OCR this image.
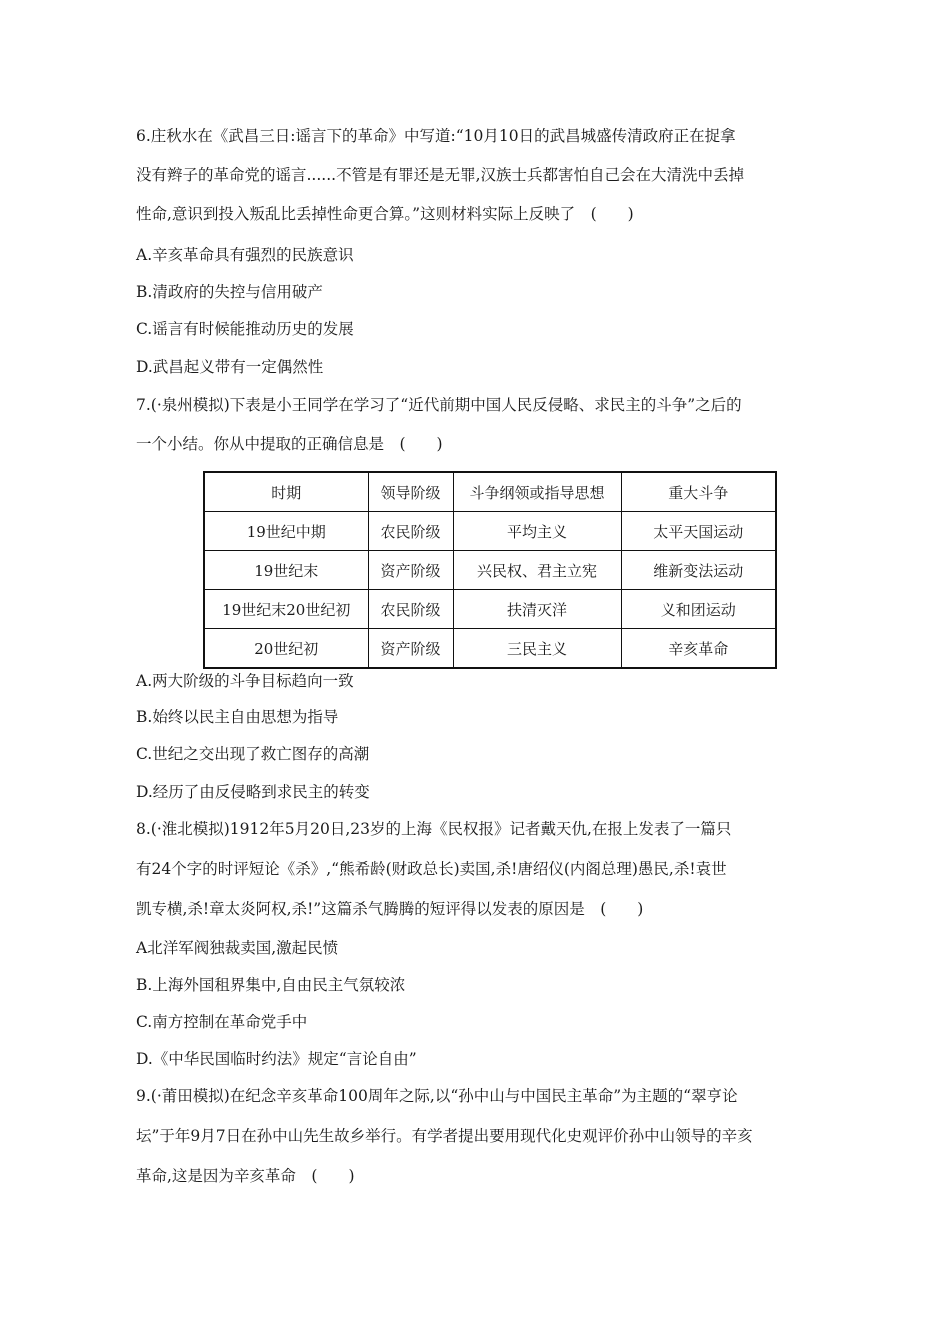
6.庄秋水在《武昌三日:谣言下的革命》中写道:“10月10日的武昌城盛传清政府正在捉拿
没有辫子的革命党的谣言......不管是有罪还是无罪,汉族士兵都害怕自己会在大清洗中丢掉
性命,意识到投入叛乱比丢掉性命更合算。”这则材料实际上反映了　(　　)
A.辛亥革命具有强烈的民族意识
B.清政府的失控与信用破产
C.谣言有时候能推动历史的发展
D.武昌起义带有一定偶然性
7.(·泉州模拟)下表是小王同学在学习了“近代前期中国人民反侵略、求民主的斗争”之后的
一个小结。你从中提取的正确信息是　(　　)
时期	领导阶级	斗争纲领或指导思想	重大斗争
19世纪中期	农民阶级	平均主义	太平天国运动
19世纪末	资产阶级	兴民权、君主立宪	维新变法运动
19世纪末20世纪初	农民阶级	扶清灭洋	义和团运动
20世纪初	资产阶级	三民主义	辛亥革命
A.两大阶级的斗争目标趋向一致
B.始终以民主自由思想为指导
C.世纪之交出现了救亡图存的高潮
D.经历了由反侵略到求民主的转变
8.(·淮北模拟)1912年5月20日,23岁的上海《民权报》记者戴天仇,在报上发表了一篇只
有24个字的时评短论《杀》,“熊希龄(财政总长)卖国,杀!唐绍仪(内阁总理)愚民,杀!袁世
凯专横,杀!章太炎阿权,杀!”这篇杀气腾腾的短评得以发表的原因是　(　　)
A北洋军阀独裁卖国,激起民愤
C.南方控制在革命党手中
D.《中华民国临时约法》规定“言论自由”
9.(·莆田模拟)在纪念辛亥革命100周年之际,以“孙中山与中国民主革命”为主题的“翠亨论
坛”于年9月7日在孙中山先生故乡举行。有学者提出要用现代化史观评价孙中山领导的辛亥
革命,这是因为辛亥革命　(　　)
B.上海外国租界集中,自由民主气氛较浓
